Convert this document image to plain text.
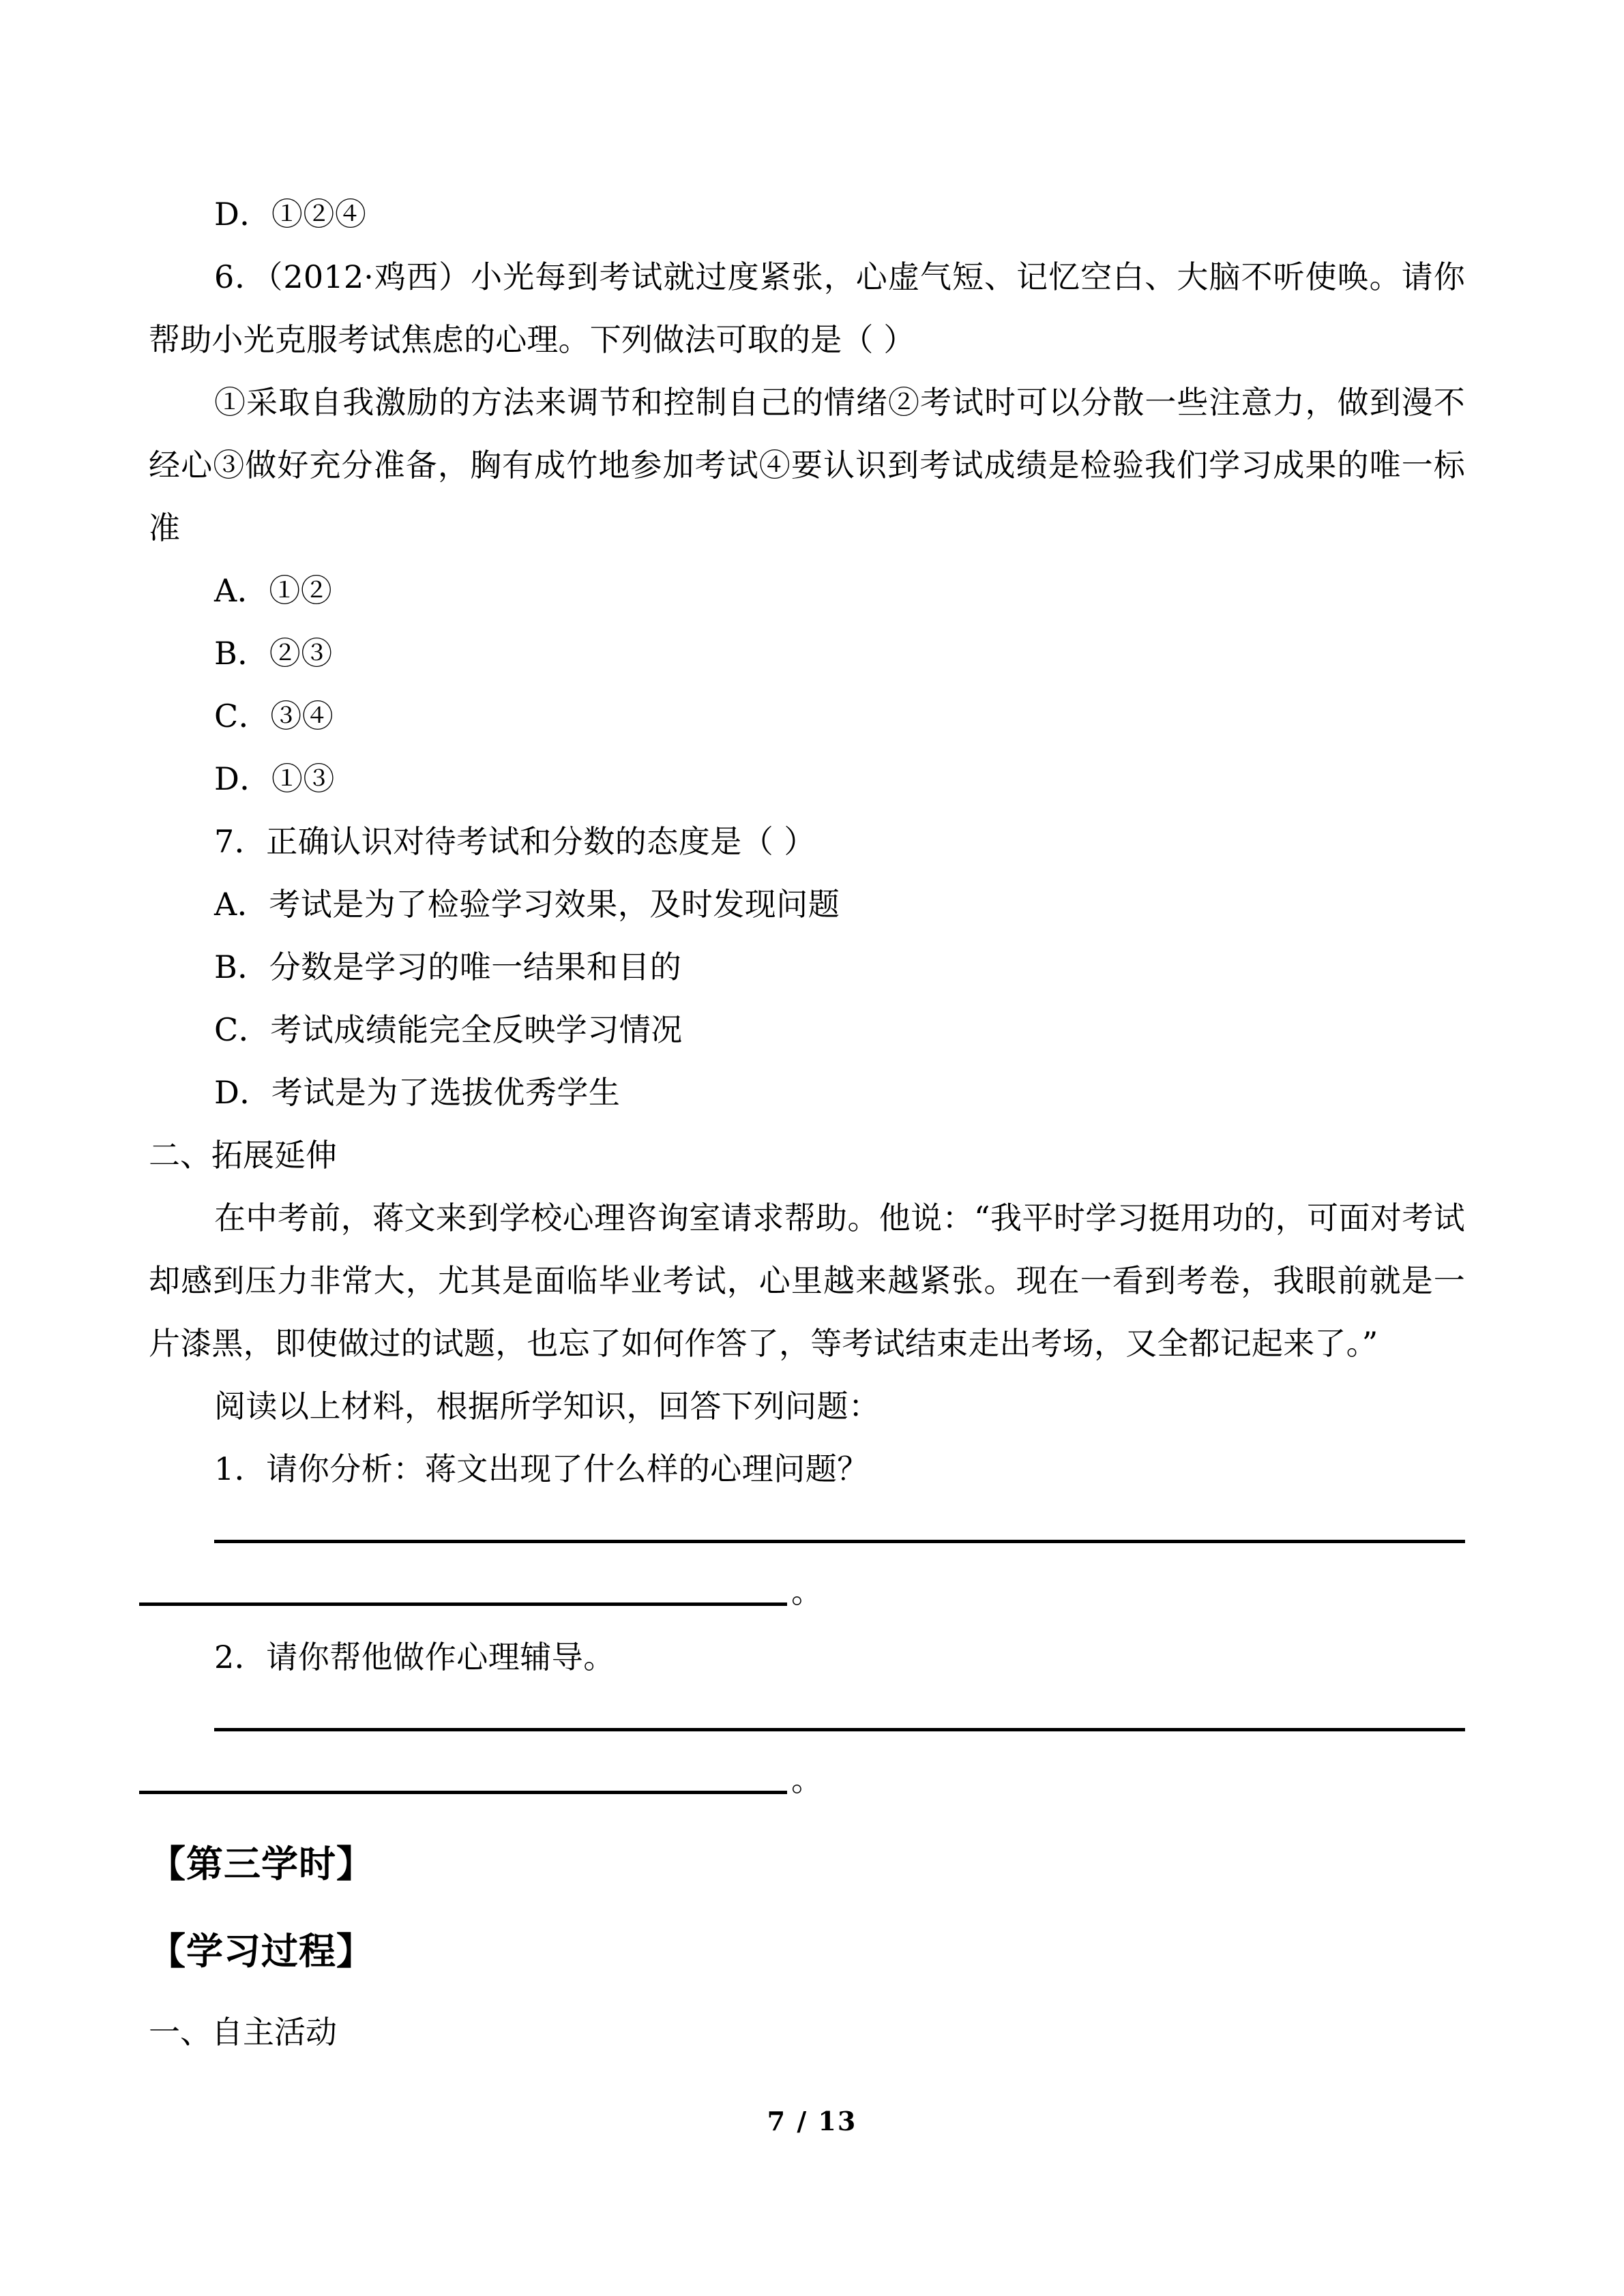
D．①②④
6．（2012·鸡西）小光每到考试就过度紧张，心虚气短、记忆空白、大脑不听使唤。请你帮助小光克服考试焦虑的心理。下列做法可取的是（ ）
①采取自我激励的方法来调节和控制自己的情绪②考试时可以分散一些注意力，做到漫不经心③做好充分准备，胸有成竹地参加考试④要认识到考试成绩是检验我们学习成果的唯一标准
A．①②
B．②③
C．③④
D．①③
7．正确认识对待考试和分数的态度是（ ）
A．考试是为了检验学习效果，及时发现问题
B．分数是学习的唯一结果和目的
C．考试成绩能完全反映学习情况
D．考试是为了选拔优秀学生
二、拓展延伸
在中考前，蒋文来到学校心理咨询室请求帮助。他说：“我平时学习挺用功的，可面对考试却感到压力非常大，尤其是面临毕业考试，心里越来越紧张。现在一看到考卷，我眼前就是一片漆黑，即使做过的试题，也忘了如何作答了，等考试结束走出考场，又全都记起来了。”
阅读以上材料，根据所学知识，回答下列问题：
1．请你分析：蒋文出现了什么样的心理问题？
。
2．请你帮他做作心理辅导。
。
【第三学时】
【学习过程】
一、自主活动
7 / 13
